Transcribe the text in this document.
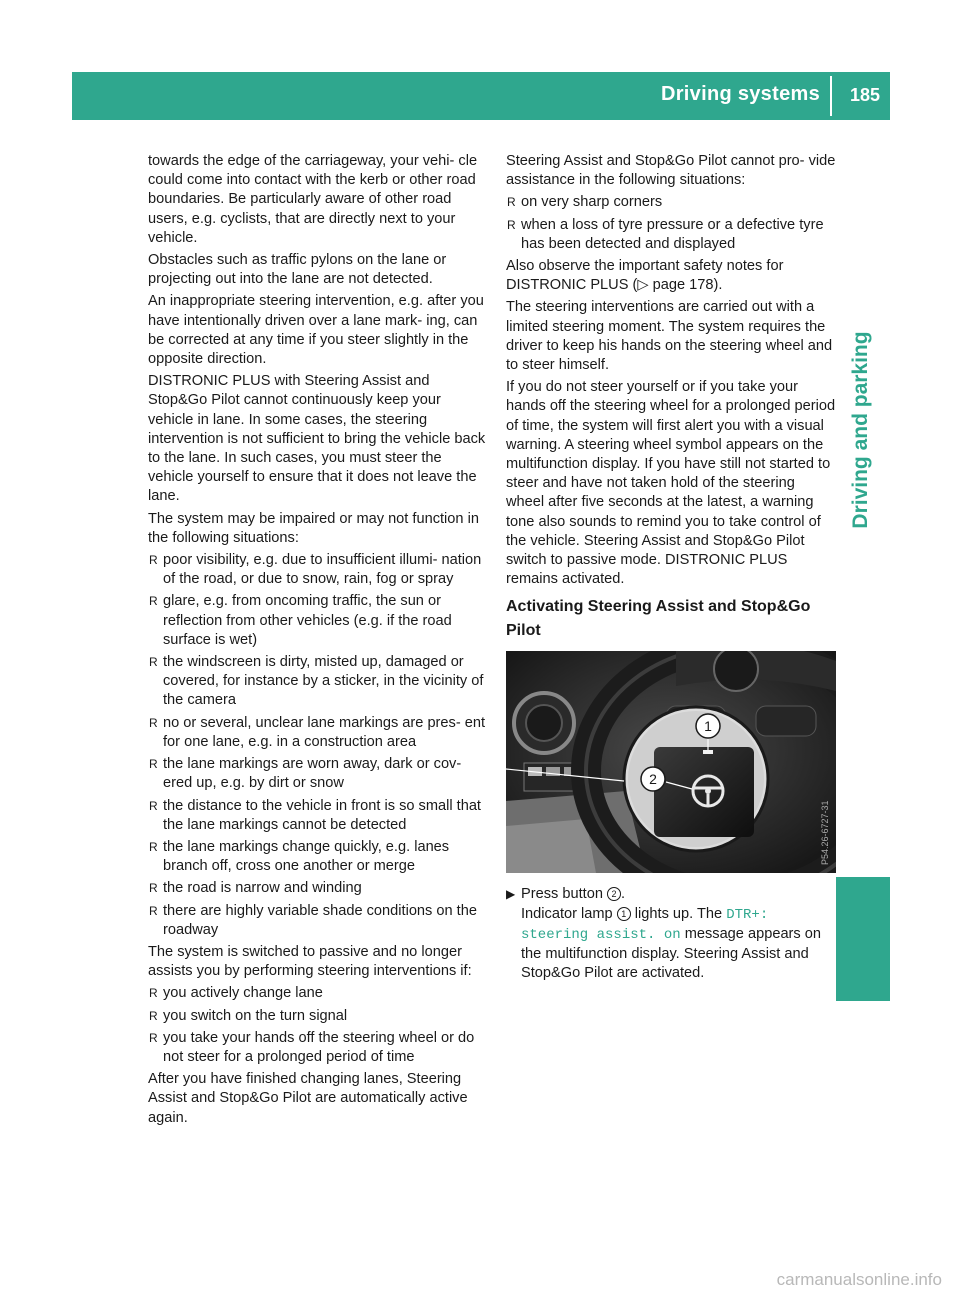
Driving systems 185
Driving and parking
towards the edge of the carriageway, your vehi- cle could come into contact with the kerb or other road boundaries. Be particularly aware of other road users, e.g. cyclists, that are directly next to your vehicle.
Obstacles such as traffic pylons on the lane or projecting out into the lane are not detected.
An inappropriate steering intervention, e.g. after you have intentionally driven over a lane mark- ing, can be corrected at any time if you steer slightly in the opposite direction.
DISTRONIC PLUS with Steering Assist and Stop&Go Pilot cannot continuously keep your vehicle in lane. In some cases, the steering intervention is not sufficient to bring the vehicle back to the lane. In such cases, you must steer the vehicle yourself to ensure that it does not leave the lane.
The system may be impaired or may not function in the following situations:
R poor visibility, e.g. due to insufficient illumi- nation of the road, or due to snow, rain, fog or spray
R glare, e.g. from oncoming traffic, the sun or reflection from other vehicles (e.g. if the road surface is wet)
R the windscreen is dirty, misted up, damaged or covered, for instance by a sticker, in the vicinity of the camera
R no or several, unclear lane markings are pres- ent for one lane, e.g. in a construction area
R the lane markings are worn away, dark or cov- ered up, e.g. by dirt or snow
R the distance to the vehicle in front is so small that the lane markings cannot be detected
R the lane markings change quickly, e.g. lanes branch off, cross one another or merge
R the road is narrow and winding
R there are highly variable shade conditions on the roadway
The system is switched to passive and no longer assists you by performing steering interventions if:
R you actively change lane
R you switch on the turn signal
R you take your hands off the steering wheel or do not steer for a prolonged period of time
After you have finished changing lanes, Steering Assist and Stop&Go Pilot are automatically active again.
Steering Assist and Stop&Go Pilot cannot pro- vide assistance in the following situations:
R on very sharp corners
R when a loss of tyre pressure or a defective tyre has been detected and displayed
Also observe the important safety notes for DISTRONIC PLUS (▷ page 178).
The steering interventions are carried out with a limited steering moment. The system requires the driver to keep his hands on the steering wheel and to steer himself.
If you do not steer yourself or if you take your hands off the steering wheel for a prolonged period of time, the system will first alert you with a visual warning. A steering wheel symbol appears on the multifunction display. If you have still not started to steer and have not taken hold of the steering wheel after five seconds at the latest, a warning tone also sounds to remind you to take control of the vehicle. Steering Assist and Stop&Go Pilot switch to passive mode. DISTRONIC PLUS remains activated.
Activating Steering Assist and Stop&Go Pilot
1
2
P54.26-6727-31
▶ Press button 2 .
Indicator lamp 1 lights up. The DTR+: steering assist. on message appears on the multifunction display. Steering Assist and Stop&Go Pilot are activated.
carmanualsonline.info
